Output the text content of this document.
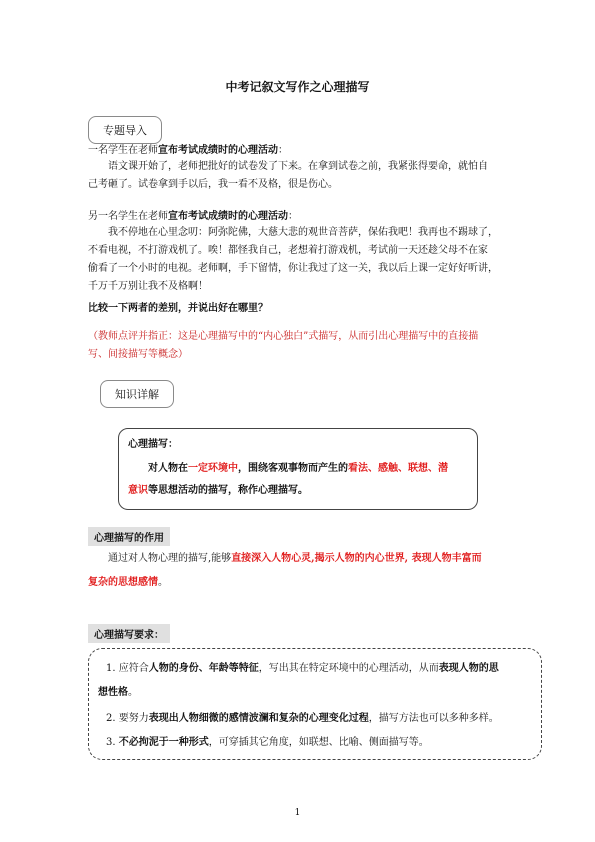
中考记叙文写作之心理描写
专题导入
一名学生在老师宣布考试成绩时的心理活动：
语文课开始了，老师把批好的试卷发了下来。在拿到试卷之前，我紧张得要命，就怕自
己考砸了。试卷拿到手以后，我一看不及格，很是伤心。
另一名学生在老师宣布考试成绩时的心理活动：
我不停地在心里念叨：阿弥陀佛，大慈大悲的观世音菩萨，保佑我吧！我再也不踢球了，
不看电视，不打游戏机了。唉！都怪我自己，老想着打游戏机，考试前一天还趁父母不在家
偷看了一个小时的电视。老师啊，手下留情，你让我过了这一关，我以后上课一定好好听讲，
千万千万别让我不及格啊！
比较一下两者的差别，并说出好在哪里？
（教师点评并指正：这是心理描写中的“内心独白”式描写，从而引出心理描写中的直接描
写、间接描写等概念）
知识详解
心理描写：
对人物在一定环境中，围绕客观事物而产生的看法、感触、联想、潜
意识等思想活动的描写，称作心理描写。
心理描写的作用
通过对人物心理的描写,能够直接深入人物心灵,揭示人物的内心世界, 表现人物丰富而
复杂的思想感情。
心理描写要求：
1. 应符合人物的身份、年龄等特征，写出其在特定环境中的心理活动，从而表现人物的思
想性格。
2. 要努力表现出人物细微的感情波澜和复杂的心理变化过程，描写方法也可以多种多样。
3. 不必拘泥于一种形式，可穿插其它角度，如联想、比喻、侧面描写等。
1
